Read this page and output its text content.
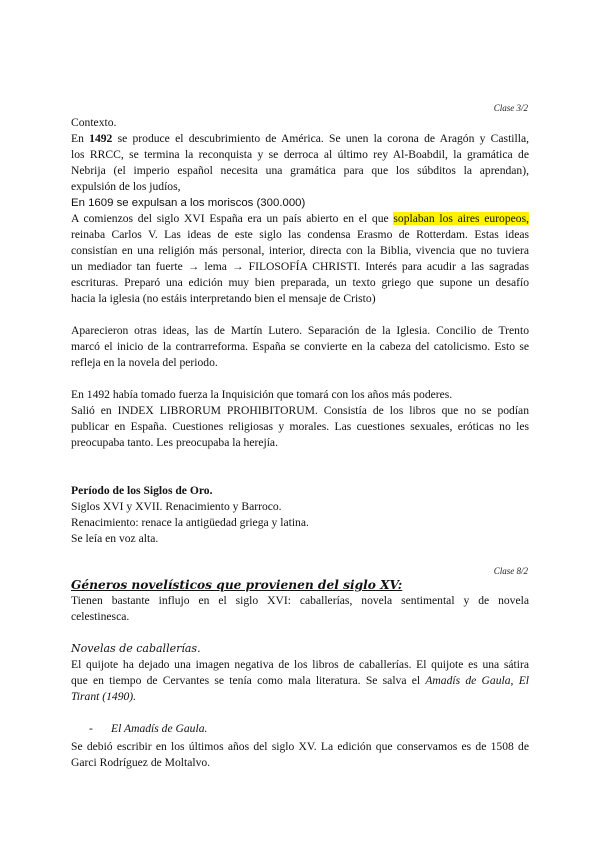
Clase 3/2
Contexto.
En 1492 se produce el descubrimiento de América. Se unen la corona de Aragón y Castilla,
los RRCC, se termina la reconquista y se derroca al último rey Al-Boabdil, la gramática de
Nebrija (el imperio español necesita una gramática para que los súbditos la aprendan),
expulsión de los judíos,
En 1609 se expulsan a los moriscos (300.000)
A comienzos del siglo XVI España era un país abierto en el que soplaban los aires europeos,
reinaba Carlos V. Las ideas de este siglo las condensa Erasmo de Rotterdam. Estas ideas
consistían en una religión más personal, interior, directa con la Biblia, vivencia que no tuviera
un mediador tan fuerte → lema → FILOSOFÍA CHRISTI. Interés para acudir a las sagradas
escrituras. Preparó una edición muy bien preparada, un texto griego que supone un desafío
hacia la iglesia (no estáis interpretando bien el mensaje de Cristo)
Aparecieron otras ideas, las de Martín Lutero. Separación de la Iglesia. Concilio de Trento
marcó el inicio de la contrarreforma. España se convierte en la cabeza del catolicismo. Esto se
refleja en la novela del periodo.
En 1492 había tomado fuerza la Inquisición que tomará con los años más poderes.
Salió en INDEX LIBRORUM PROHIBITORUM. Consistía de los libros que no se podían
publicar en España. Cuestiones religiosas y morales. Las cuestiones sexuales, eróticas no les
preocupaba tanto. Les preocupaba la herejía.
Período de los Siglos de Oro.
Siglos XVI y XVII. Renacimiento y Barroco.
Renacimiento: renace la antigüedad griega y latina.
Se leía en voz alta.
Clase 8/2
Géneros novelísticos que provienen del siglo XV:
Tienen bastante influjo en el siglo XVI: caballerías, novela sentimental y de novela
celestinesca.
Novelas de caballerías.
El quijote ha dejado una imagen negativa de los libros de caballerías. El quijote es una sátira
que en tiempo de Cervantes se tenía como mala literatura. Se salva el Amadís de Gaula, El
Tirant (1490).
- El Amadís de Gaula.
Se debió escribir en los últimos años del siglo XV. La edición que conservamos es de 1508 de
Garci Rodríguez de Moltalvo.
